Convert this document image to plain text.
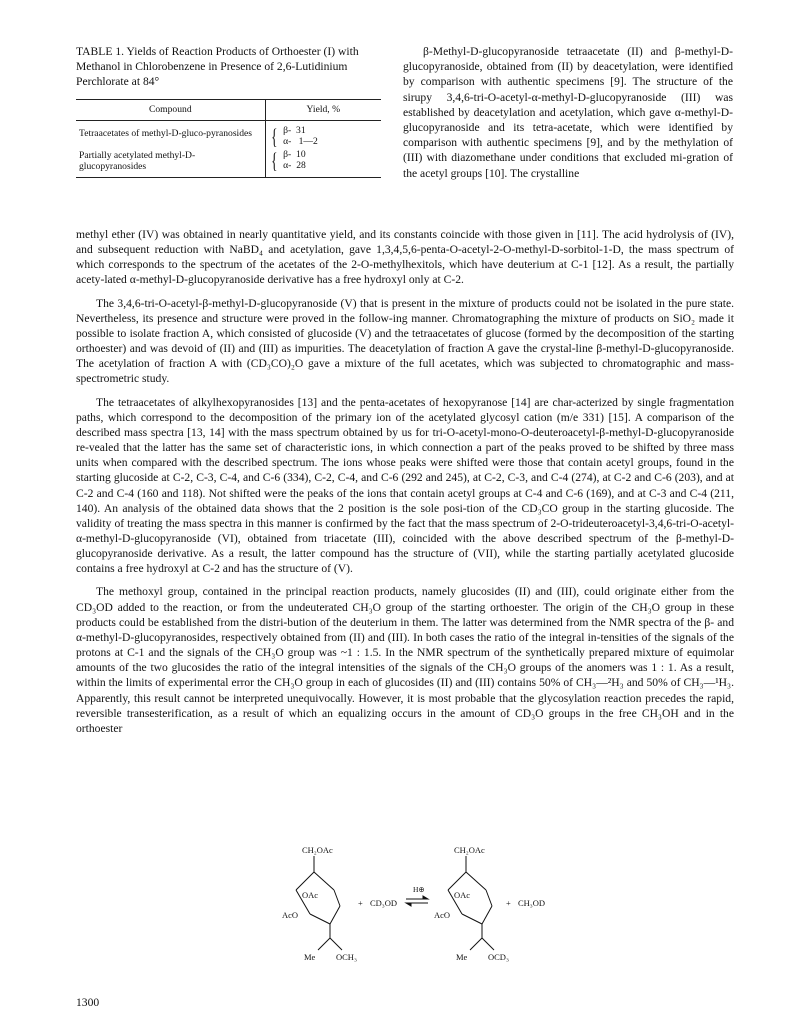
TABLE 1. Yields of Reaction Products of Orthoester (I) with Methanol in Chlorobenzene in Presence of 2,6-Lutidinium Perchlorate at 84°

Compound	Yield, %
Tetraacetates of methyl-D-gluco-pyranosides	{ β- 31
α- 1—2

Partially acetylated methyl-D-glucopyranosides	{ β- 10
α- 28

β-Methyl-D-glucopyranoside tetraacetate (II) and β-methyl-D-glucopyranoside, obtained from (II) by deacetylation, were identified by comparison with authentic specimens [9]. The structure of the sirupy 3,4,6-tri-O-acetyl-α-methyl-D-glucopyranoside (III) was established by deacetylation and acetylation, which gave α-methyl-D-glucopyranoside and its tetra-acetate, which were identified by comparison with authentic specimens [9], and by the methylation of (III) with diazomethane under conditions that excluded mi-gration of the acetyl groups [10]. The crystalline

methyl ether (IV) was obtained in nearly quantitative yield, and its constants coincide with those given in [11]. The acid hydrolysis of (IV), and subsequent reduction with NaBD₄ and acetylation, gave 1,3,4,5,6-penta-O-acetyl-2-O-methyl-D-sorbitol-1-D, the mass spectrum of which corresponds to the spectrum of the acetates of the 2-O-methylhexitols, which have deuterium at C-1 [12]. As a result, the partially acety-lated α-methyl-D-glucopyranoside derivative has a free hydroxyl only at C-2.

The 3,4,6-tri-O-acetyl-β-methyl-D-glucopyranoside (V) that is present in the mixture of products could not be isolated in the pure state. Nevertheless, its presence and structure were proved in the follow-ing manner. Chromatographing the mixture of products on SiO₂ made it possible to isolate fraction A, which consisted of glucoside (V) and the tetraacetates of glucose (formed by the decomposition of the starting orthoester) and was devoid of (II) and (III) as impurities. The deacetylation of fraction A gave the crystal-line β-methyl-D-glucopyranoside. The acetylation of fraction A with (CD₃CO)₂O gave a mixture of the full acetates, which was subjected to chromatographic and mass-spectrometric study.

The tetraacetates of alkylhexopyranosides [13] and the penta-acetates of hexopyranose [14] are char-acterized by single fragmentation paths, which correspond to the decomposition of the primary ion of the acetylated glycosyl cation (m/e 331) [15]. A comparison of the described mass spectra [13, 14] with the mass spectrum obtained by us for tri-O-acetyl-mono-O-deuteroacetyl-β-methyl-D-glucopyranoside re-vealed that the latter has the same set of characteristic ions, in which connection a part of the peaks proved to be shifted by three mass units when compared with the described spectrum. The ions whose peaks were shifted were those that contain acetyl groups, found in the starting glucoside at C-2, C-3, C-4, and C-6 (334), C-2, C-4, and C-6 (292 and 245), at C-2, C-3, and C-4 (274), at C-2 and C-6 (203), and at C-2 and C-4 (160 and 118). Not shifted were the peaks of the ions that contain acetyl groups at C-4 and C-6 (169), and at C-3 and C-4 (211, 140). An analysis of the obtained data shows that the 2 position is the sole posi-tion of the CD₃CO group in the starting glucoside. The validity of treating the mass spectra in this manner is confirmed by the fact that the mass spectrum of 2-O-trideuteroacetyl-3,4,6-tri-O-acetyl-α-methyl-D-glucopyranoside (VI), obtained from triacetate (III), coincided with the above described spectrum of the β-methyl-D-glucopyranoside derivative. As a result, the latter compound has the structure of (VII), while the starting partially acetylated glucoside contains a free hydroxyl at C-2 and has the structure of (V).

The methoxyl group, contained in the principal reaction products, namely glucosides (II) and (III), could originate either from the CD₃OD added to the reaction, or from the undeuterated CH₃O group of the starting orthoester. The origin of the CH₃O group in these products could be established from the distri-bution of the deuterium in them. The latter was determined from the NMR spectra of the β- and α-methyl-D-glucopyranosides, respectively obtained from (II) and (III). In both cases the ratio of the integral in-tensities of the signals of the protons at C-1 and the signals of the CH₃O group was ~1 : 1.5. In the NMR spectrum of the synthetically prepared mixture of equimolar amounts of the two glucosides the ratio of the integral intensities of the signals of the CH₃O groups of the anomers was 1 : 1. As a result, within the limits of experimental error the CH₃O group in each of glucosides (II) and (III) contains 50% of CH₃—²H₃ and 50% of CH₃—¹H₃. Apparently, this result cannot be interpreted unequivocally. However, it is most probable that the glycosylation reaction precedes the rapid, reversible transesterification, as a result of which an equalizing occurs in the amount of CD₃O groups in the free CH₃OH and in the orthoester

CH₂OAc
OAc
AcO
Me OCH₃
+ CD₃OD
H⊕
CH₂OAc
OAc
AcO
Me OCD₃
+ CH₃OD
1300
